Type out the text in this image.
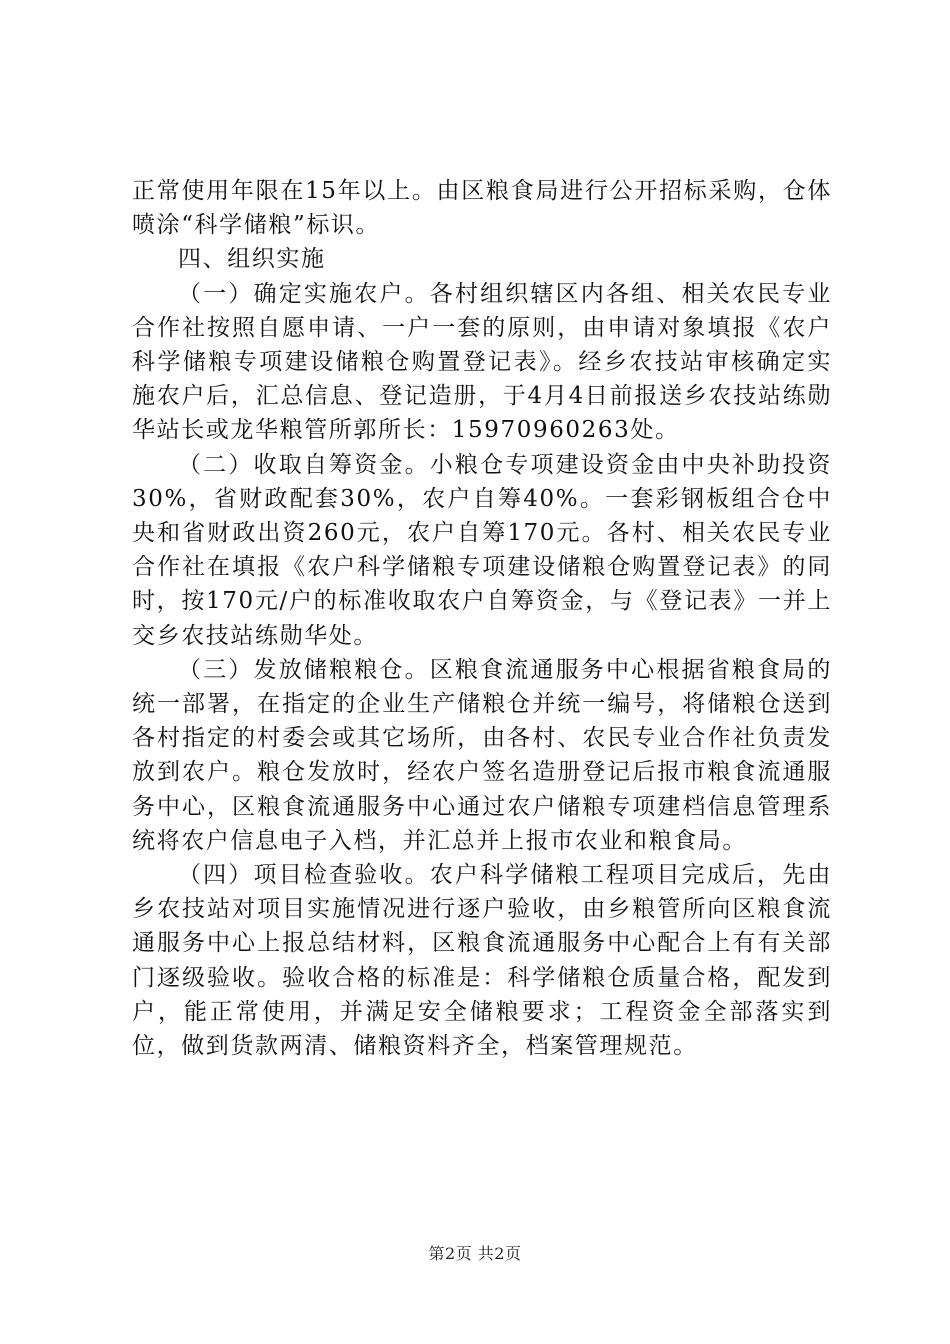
正常使用年限在15年以上。由区粮食局进行公开招标采购，仓体喷涂“科学储粮”标识。

四、组织实施

（一）确定实施农户。各村组织辖区内各组、相关农民专业合作社按照自愿申请、一户一套的原则，由申请对象填报《农户科学储粮专项建设储粮仓购置登记表》。经乡农技站审核确定实施农户后，汇总信息、登记造册，于4月4日前报送乡农技站练勋华站长或龙华粮管所郭所长：15970960263处。

（二）收取自筹资金。小粮仓专项建设资金由中央补助投资30%，省财政配套30%，农户自筹40%。一套彩钢板组合仓中央和省财政出资260元，农户自筹170元。各村、相关农民专业合作社在填报《农户科学储粮专项建设储粮仓购置登记表》的同时，按170元/户的标准收取农户自筹资金，与《登记表》一并上交乡农技站练勋华处。

（三）发放储粮粮仓。区粮食流通服务中心根据省粮食局的统一部署，在指定的企业生产储粮仓并统一编号，将储粮仓送到各村指定的村委会或其它场所，由各村、农民专业合作社负责发放到农户。粮仓发放时，经农户签名造册登记后报市粮食流通服务中心，区粮食流通服务中心通过农户储粮专项建档信息管理系统将农户信息电子入档，并汇总并上报市农业和粮食局。

（四）项目检查验收。农户科学储粮工程项目完成后，先由乡农技站对项目实施情况进行逐户验收，由乡粮管所向区粮食流通服务中心上报总结材料，区粮食流通服务中心配合上有有关部门逐级验收。验收合格的标准是：科学储粮仓质量合格，配发到户，能正常使用，并满足安全储粮要求；工程资金全部落实到位，做到货款两清、储粮资料齐全，档案管理规范。

第2页 共2页
